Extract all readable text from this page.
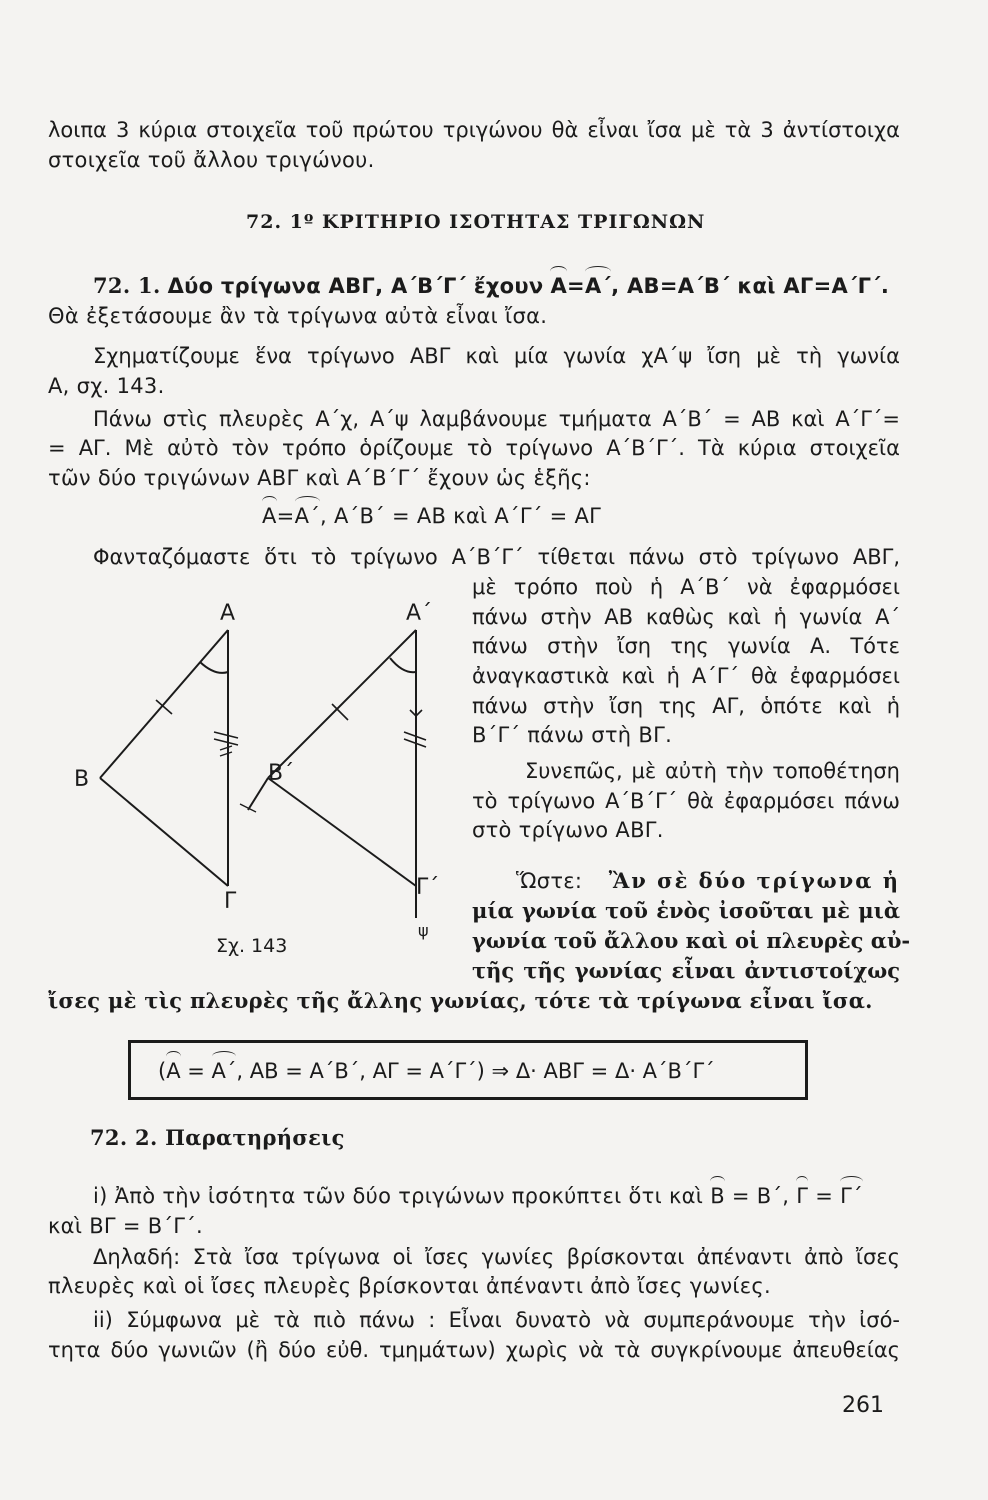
λοιπα 3 κύρια στοιχεῖα τοῦ πρώτου τριγώνου θὰ εἶναι ἴσα μὲ τὰ 3 ἀντίστοιχα
στοιχεῖα τοῦ ἄλλου τριγώνου.
72. 1º ΚΡΙΤΗΡΙΟ ΙΣΟΤΗΤΑΣ ΤΡΙΓΩΝΩΝ
72. 1. Δύο τρίγωνα ΑΒΓ, Α΄Β΄Γ΄ ἔχουν Α=Α΄, ΑΒ=Α΄Β΄ καὶ ΑΓ=Α΄Γ΄.
Θὰ ἐξετάσουμε ἂν τὰ τρίγωνα αὐτὰ εἶναι ἴσα.
Σχηματίζουμε ἕνα τρίγωνο ΑΒΓ καὶ μία γωνία χΑ΄ψ ἴση μὲ τὴ γωνία
Α, σχ. 143.
Πάνω στὶς πλευρὲς Α΄χ, Α΄ψ λαμβάνουμε τμήματα Α΄Β΄ = ΑΒ καὶ Α΄Γ΄=
= ΑΓ. Μὲ αὐτὸ τὸν τρόπο ὁρίζουμε τὸ τρίγωνο Α΄Β΄Γ΄. Τὰ κύρια στοιχεῖα
τῶν δύο τριγώνων ΑΒΓ καὶ Α΄Β΄Γ΄ ἔχουν ὡς ἑξῆς:
Α=Α΄, Α΄Β΄ = ΑΒ καὶ Α΄Γ΄ = ΑΓ
Φανταζόμαστε ὅτι τὸ τρίγωνο Α΄Β΄Γ΄ τίθεται πάνω στὸ τρίγωνο ΑΒΓ,
μὲ τρόπο ποὺ ἡ Α΄Β΄ νὰ ἐφαρμόσει
πάνω στὴν ΑΒ καθὼς καὶ ἡ γωνία Α΄
πάνω στὴν ἴση της γωνία Α. Τότε
ἀναγκαστικὰ καὶ ἡ Α΄Γ΄ θὰ ἐφαρμόσει
πάνω στὴν ἴση της ΑΓ, ὁπότε καὶ ἡ
Β΄Γ΄ πάνω στὴ ΒΓ.
Συνεπῶς, μὲ αὐτὴ τὴν τοποθέτηση
τὸ τρίγωνο Α΄Β΄Γ΄ θὰ ἐφαρμόσει πάνω
στὸ τρίγωνο ΑΒΓ.
Ὥστε: Ἂν σὲ δύο τρίγωνα ἡ
μία γωνία τοῦ ἑνὸς ἰσοῦται μὲ μιὰ
γωνία τοῦ ἄλλου καὶ οἱ πλευρὲς αὐ-
τῆς τῆς γωνίας εἶναι ἀντιστοίχως
ἴσες μὲ τὶς πλευρὲς τῆς ἄλλης γωνίας, τότε τὰ τρίγωνα εἶναι ἴσα.
Α
Β
Γ
Α΄
Β΄
Γ΄
ψ
Σχ. 143
(Α = Α΄, ΑΒ = Α΄Β΄, ΑΓ = Α΄Γ΄) ⇒ Δ· ΑΒΓ = Δ· Α΄Β΄Γ΄
72. 2. Παρατηρήσεις
i) Ἀπὸ τὴν ἰσότητα τῶν δύο τριγώνων προκύπτει ὅτι καὶ Β = Β΄, Γ = Γ΄
καὶ ΒΓ = Β΄Γ΄.
Δηλαδή: Στὰ ἴσα τρίγωνα οἱ ἴσες γωνίες βρίσκονται ἀπέναντι ἀπὸ ἴσες
πλευρὲς καὶ οἱ ἴσες πλευρὲς βρίσκονται ἀπέναντι ἀπὸ ἴσες γωνίες.
ii) Σύμφωνα μὲ τὰ πιὸ πάνω : Εἶναι δυνατὸ νὰ συμπεράνουμε τὴν ἰσό-
τητα δύο γωνιῶν (ἢ δύο εὐθ. τμημάτων) χωρὶς νὰ τὰ συγκρίνουμε ἀπευθείας
261
